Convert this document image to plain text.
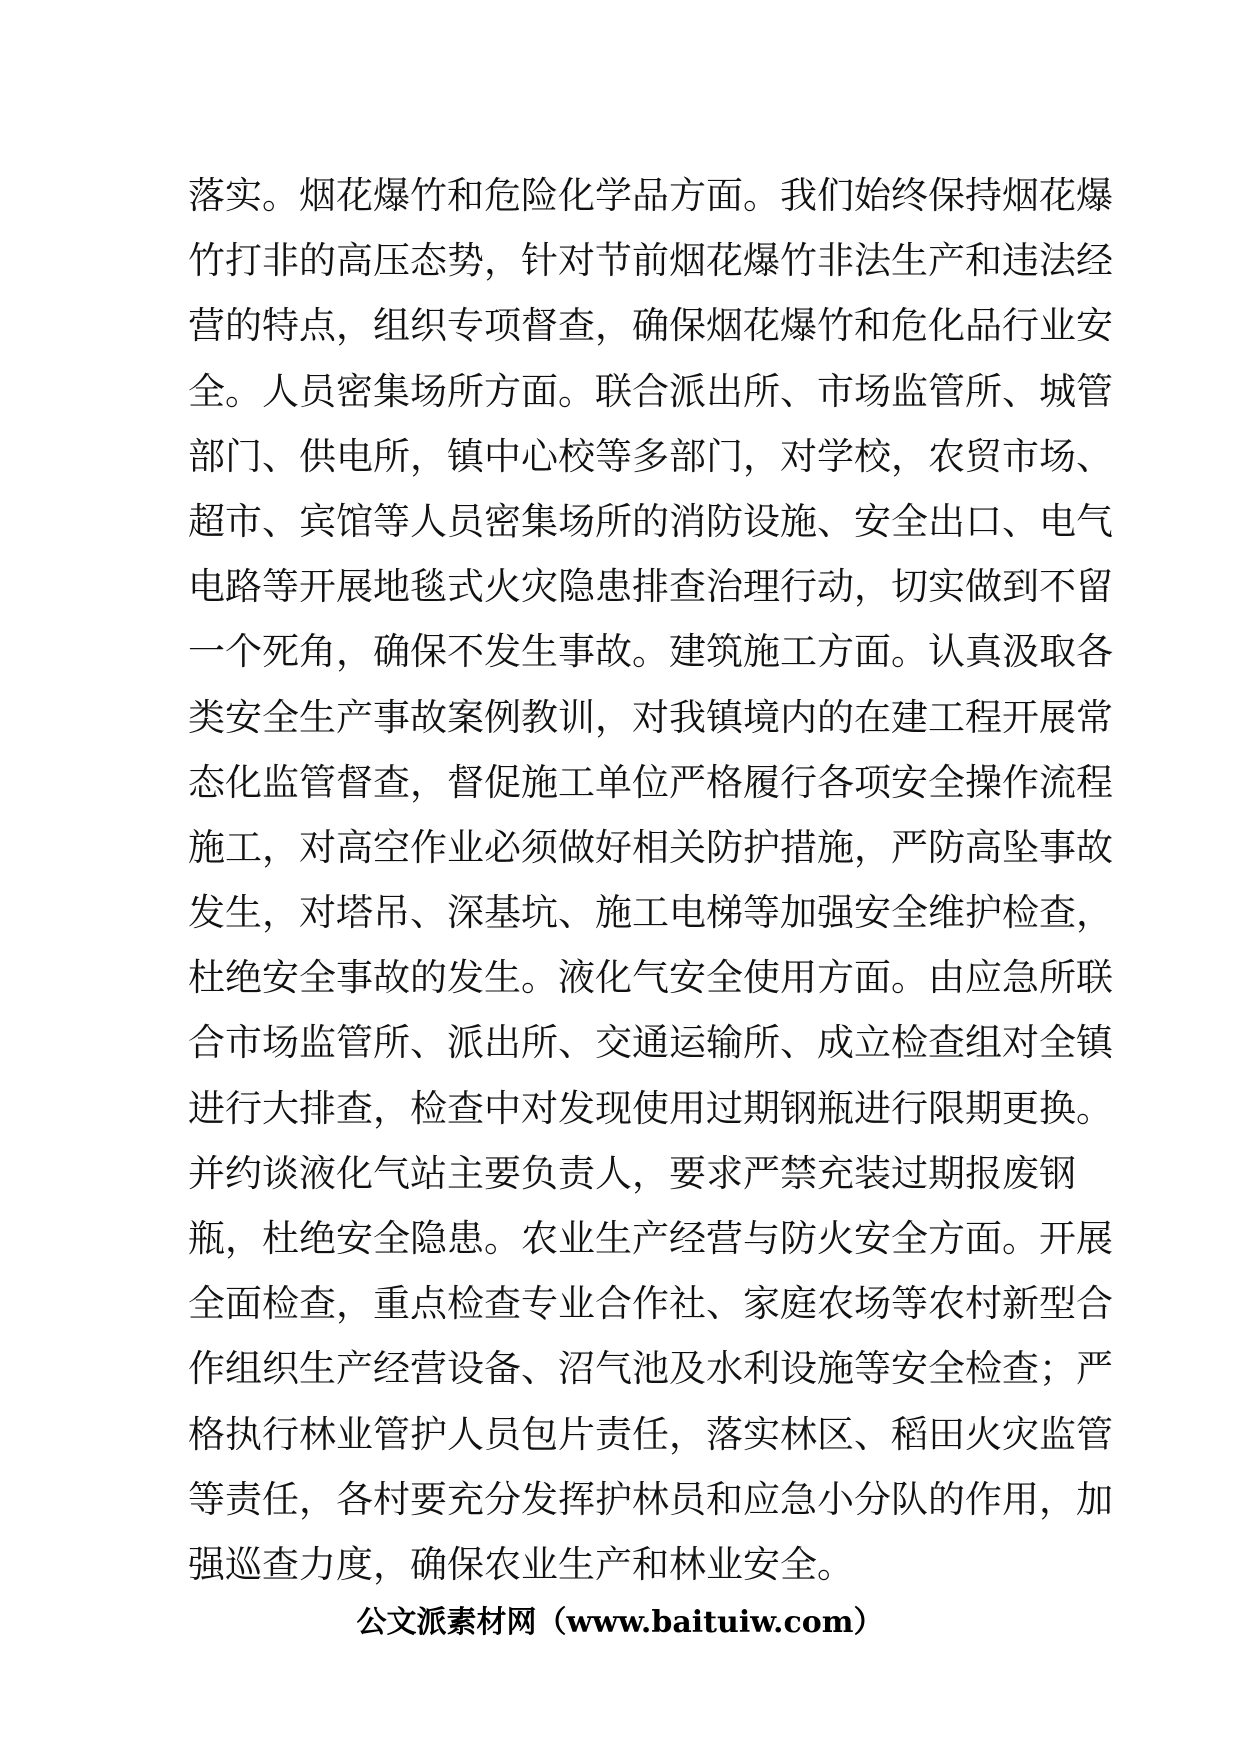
落实。烟花爆竹和危险化学品方面。我们始终保持烟花爆
竹打非的高压态势，针对节前烟花爆竹非法生产和违法经
营的特点，组织专项督查，确保烟花爆竹和危化品行业安
全。人员密集场所方面。联合派出所、市场监管所、城管
部门、供电所，镇中心校等多部门，对学校，农贸市场、
超市、宾馆等人员密集场所的消防设施、安全出口、电气
电路等开展地毯式火灾隐患排查治理行动，切实做到不留
一个死角，确保不发生事故。建筑施工方面。认真汲取各
类安全生产事故案例教训，对我镇境内的在建工程开展常
态化监管督查，督促施工单位严格履行各项安全操作流程
施工，对高空作业必须做好相关防护措施，严防高坠事故
发生，对塔吊、深基坑、施工电梯等加强安全维护检查，
杜绝安全事故的发生。液化气安全使用方面。由应急所联
合市场监管所、派出所、交通运输所、成立检查组对全镇
进行大排查，检查中对发现使用过期钢瓶进行限期更换。
并约谈液化气站主要负责人，要求严禁充装过期报废钢
瓶，杜绝安全隐患。农业生产经营与防火安全方面。开展
全面检查，重点检查专业合作社、家庭农场等农村新型合
作组织生产经营设备、沼气池及水利设施等安全检查；严
格执行林业管护人员包片责任，落实林区、稻田火灾监管
等责任，各村要充分发挥护林员和应急小分队的作用，加
强巡查力度，确保农业生产和林业安全。
公文派素材网（www.baituiw.com）
